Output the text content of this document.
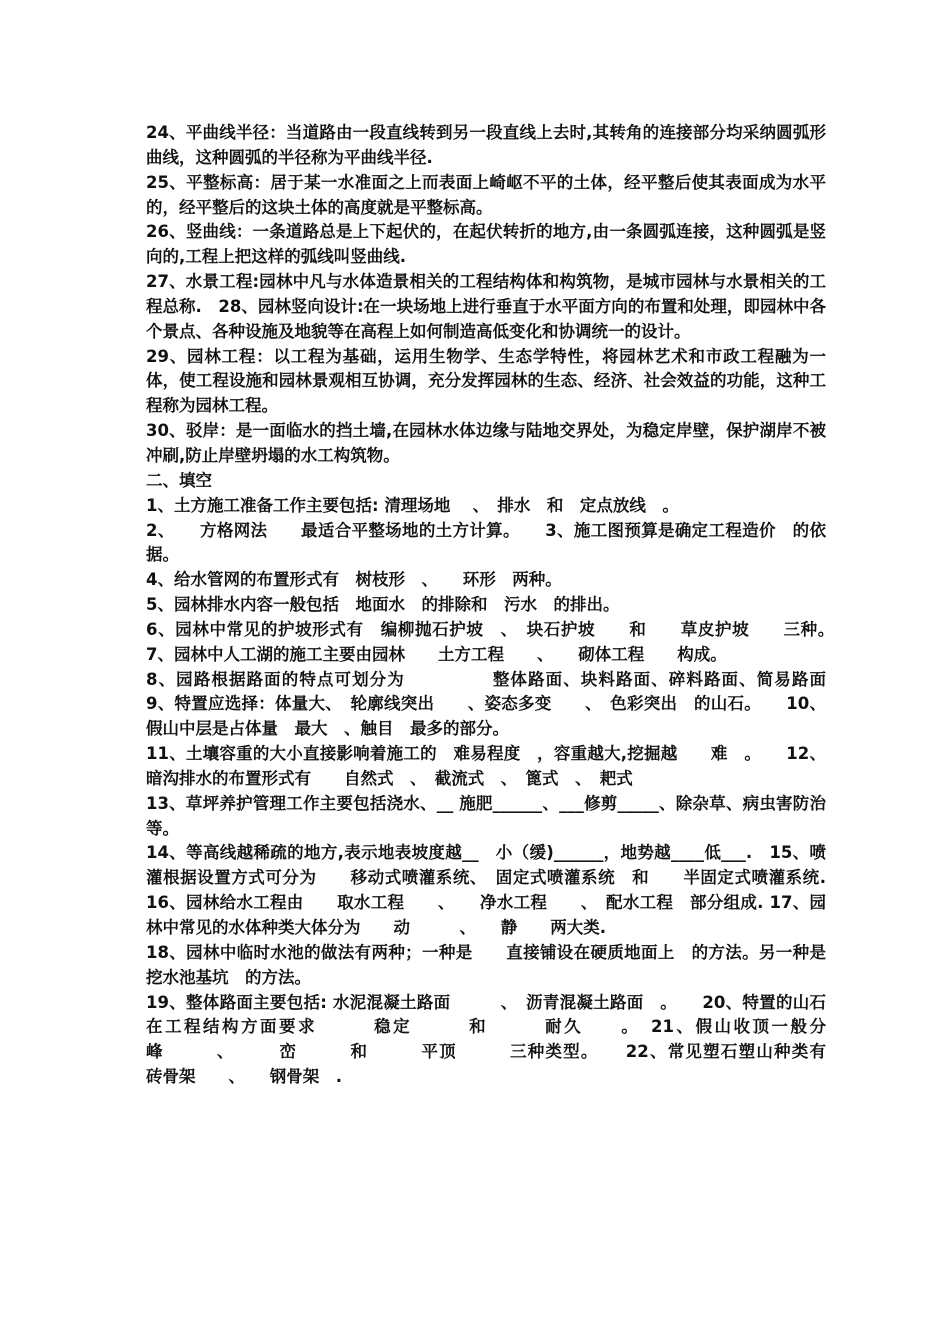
24、平曲线半径：当道路由一段直线转到另一段直线上去时,其转角的连接部分均采纳圆弧形曲线，这种圆弧的半径称为平曲线半径.

25、平整标高：居于某一水准面之上而表面上崎岖不平的土体，经平整后使其表面成为水平的，经平整后的这块土体的高度就是平整标高。

26、竖曲线：一条道路总是上下起伏的，在起伏转折的地方,由一条圆弧连接，这种圆弧是竖向的,工程上把这样的弧线叫竖曲线.

27、水景工程:园林中凡与水体造景相关的工程结构体和构筑物，是城市园林与水景相关的工程总称.　28、园林竖向设计:在一块场地上进行垂直于水平面方向的布置和处理，即园林中各个景点、各种设施及地貌等在高程上如何制造高低变化和协调统一的设计。

29、园林工程：以工程为基础，运用生物学、生态学特性，将园林艺术和市政工程融为一体，使工程设施和园林景观相互协调，充分发挥园林的生态、经济、社会效益的功能，这种工程称为园林工程。

30、驳岸：是一面临水的挡土墙,在园林水体边缘与陆地交界处，为稳定岸壁，保护湖岸不被冲刷,防止岸壁坍塌的水工构筑物。

二、填空

1、土方施工准备工作主要包括: 清理场地　 、　排水　和　定点放线　。

2、　　方格网法　　最适合平整场地的土方计算。　　3、施工图预算是确定工程造价　的依据。

4、给水管网的布置形式有　树枝形　、　　环形　两种。

5、园林排水内容一般包括　地面水　的排除和　污水　的排出。

6、园林中常见的护坡形式有　编柳抛石护坡　、　块石护坡　　和　　草皮护坡　　三种。　　7、园林中人工湖的施工主要由园林　　土方工程　　、　　砌体工程　　构成。

8、园路根据路面的特点可划分为　　　　　整体路面、块料路面、碎料路面、简易路面　　9、特置应选择：体量大、　轮廓线突出　　、姿态多变　　、　色彩突出　的山石。　　10、假山中层是占体量　最大　、触目　最多的部分。

11、土壤容重的大小直接影响着施工的　难易程度　，容重越大,挖掘越　　难　。　　12、暗沟排水的布置形式有　　自然式　、　截流式　、　篦式　、　耙式

13、草坪养护管理工作主要包括浇水、__ 施肥______、___修剪_____、除杂草、病虫害防治等。

14、等高线越稀疏的地方,表示地表坡度越__　小（缓)______，地势越____低___.　15、喷灌根据设置方式可分为　　移动式喷灌系统、　固定式喷灌系统　和　　半固定式喷灌系统.　16、园林给水工程由　　取水工程　　、　　净水工程　　、　配水工程　部分组成. 17、园林中常见的水体种类大体分为　　动　　　、　　静　　两大类.

18、园林中临时水池的做法有两种；一种是　　直接铺设在硬质地面上　的方法。另一种是　　　挖水池基坑　的方法。

19、整体路面主要包括: 水泥混凝土路面　　　、　沥青混凝土路面　。　　20、特置的山石在工程结构方面要求　　　稳定　　　和　　　耐久　　。　21、假山收顶一般分　　　峰　　　、　　　峦　　　和　　　平顶　　　三种类型。　　22、常见塑石塑山种类有　　砖骨架　　、　　钢骨架　.
